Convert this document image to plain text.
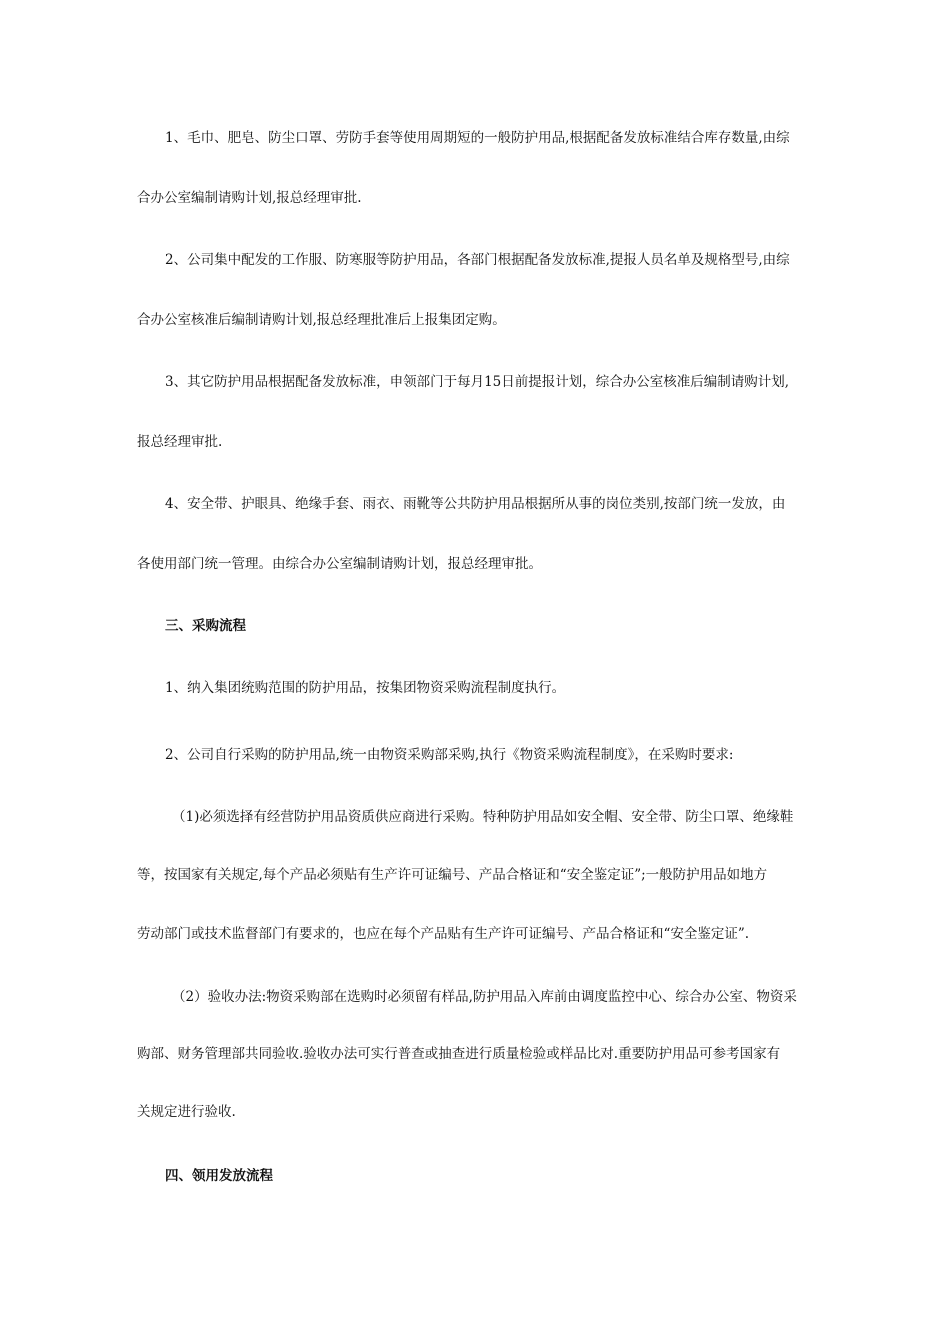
1、毛巾、肥皂、防尘口罩、劳防手套等使用周期短的一般防护用品,根据配备发放标准结合库存数量,由综
合办公室编制请购计划,报总经理审批.
2、公司集中配发的工作服、防寒服等防护用品，各部门根据配备发放标准,提报人员名单及规格型号,由综
合办公室核准后编制请购计划,报总经理批准后上报集团定购。
3、其它防护用品根据配备发放标准，申领部门于每月15日前提报计划，综合办公室核准后编制请购计划,
报总经理审批.
4、安全带、护眼具、绝缘手套、雨衣、雨靴等公共防护用品根据所从事的岗位类别,按部门统一发放，由
各使用部门统一管理。由综合办公室编制请购计划，报总经理审批。
三、采购流程
1、纳入集团统购范围的防护用品，按集团物资采购流程制度执行。
2、公司自行采购的防护用品,统一由物资采购部采购,执行《物资采购流程制度》，在采购时要求:
（1)必须选择有经营防护用品资质供应商进行采购。特种防护用品如安全帽、安全带、防尘口罩、绝缘鞋
等，按国家有关规定,每个产品必须贴有生产许可证编号、产品合格证和“安全鉴定证”;一般防护用品如地方
劳动部门或技术监督部门有要求的，也应在每个产品贴有生产许可证编号、产品合格证和“安全鉴定证”.
（2）验收办法:物资采购部在选购时必须留有样品,防护用品入库前由调度监控中心、综合办公室、物资采
购部、财务管理部共同验收.验收办法可实行普查或抽查进行质量检验或样品比对.重要防护用品可参考国家有
关规定进行验收.
四、领用发放流程
